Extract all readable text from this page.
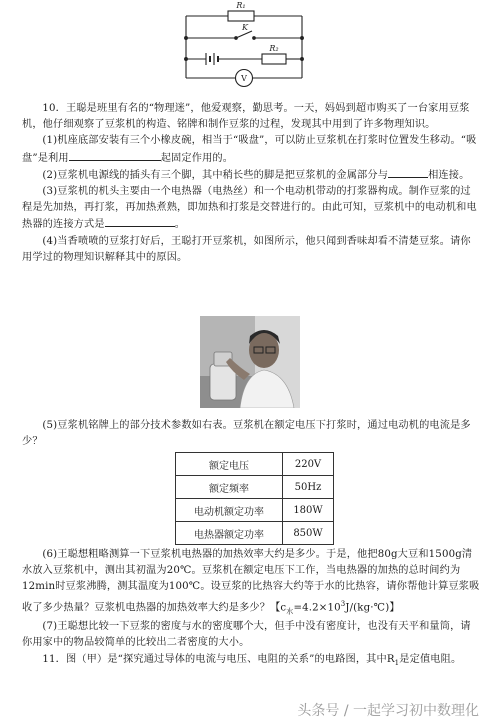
R₁
K
R₂
V

10．王聪是班里有名的“物理迷”，他爱观察，勤思考。一天，妈妈到超市购买了一台家用豆浆机，他仔细观察了豆浆机的构造、铭牌和制作豆浆的过程，发现其中用到了许多物理知识。

(1)机座底部安装有三个小橡皮碗，相当于“吸盘”，可以防止豆浆机在打浆时位置发生移动。“吸盘”是利用	起固定作用的。

(2)豆浆机电源线的插头有三个脚，其中稍长些的脚是把豆浆机的金属部分与	相连接。

(3)豆浆机的机头主要由一个电热器（电热丝）和一个电动机带动的打浆器构成。制作豆浆的过程是先加热，再打浆，再加热煮熟，即加热和打浆是交替进行的。由此可知，豆浆机中的电动机和电热器的连接方式是	。

(4)当香喷喷的豆浆打好后，王聪打开豆浆机，如图所示，他只闻到香味却看不清楚豆浆。请你用学过的物理知识解释其中的原因。

(5)豆浆机铭牌上的部分技术参数如右表。豆浆机在额定电压下打浆时，通过电动机的电流是多少？

额定电压	220V
额定频率	50Hz
电动机额定功率	180W
电热器额定功率	850W

(6)王聪想粗略测算一下豆浆机电热器的加热效率大约是多少。于是，他把80g大豆和1500g清水放入豆浆机中，测出其初温为20℃。豆浆机在额定电压下工作，当电热器的加热的总时间约为12min时豆浆沸腾，测其温度为100℃。设豆浆的比热容大约等于水的比热容，请你帮他计算豆浆吸收了多少热量？豆浆机电热器的加热效率大约是多少？【$c_水=4.2\times 10^3J/(kg\cdot℃)$】

(7)王聪想比较一下豆浆的密度与水的密度哪个大，但手中没有密度计，也没有天平和量筒，请你用家中的物品较简单的比较出二者密度的大小。

11．图（甲）是“探究通过导体的电流与电压、电阻的关系”的电路图，其中$R_1$是定值电阻。

头条号 / 一起学习初中数理化
